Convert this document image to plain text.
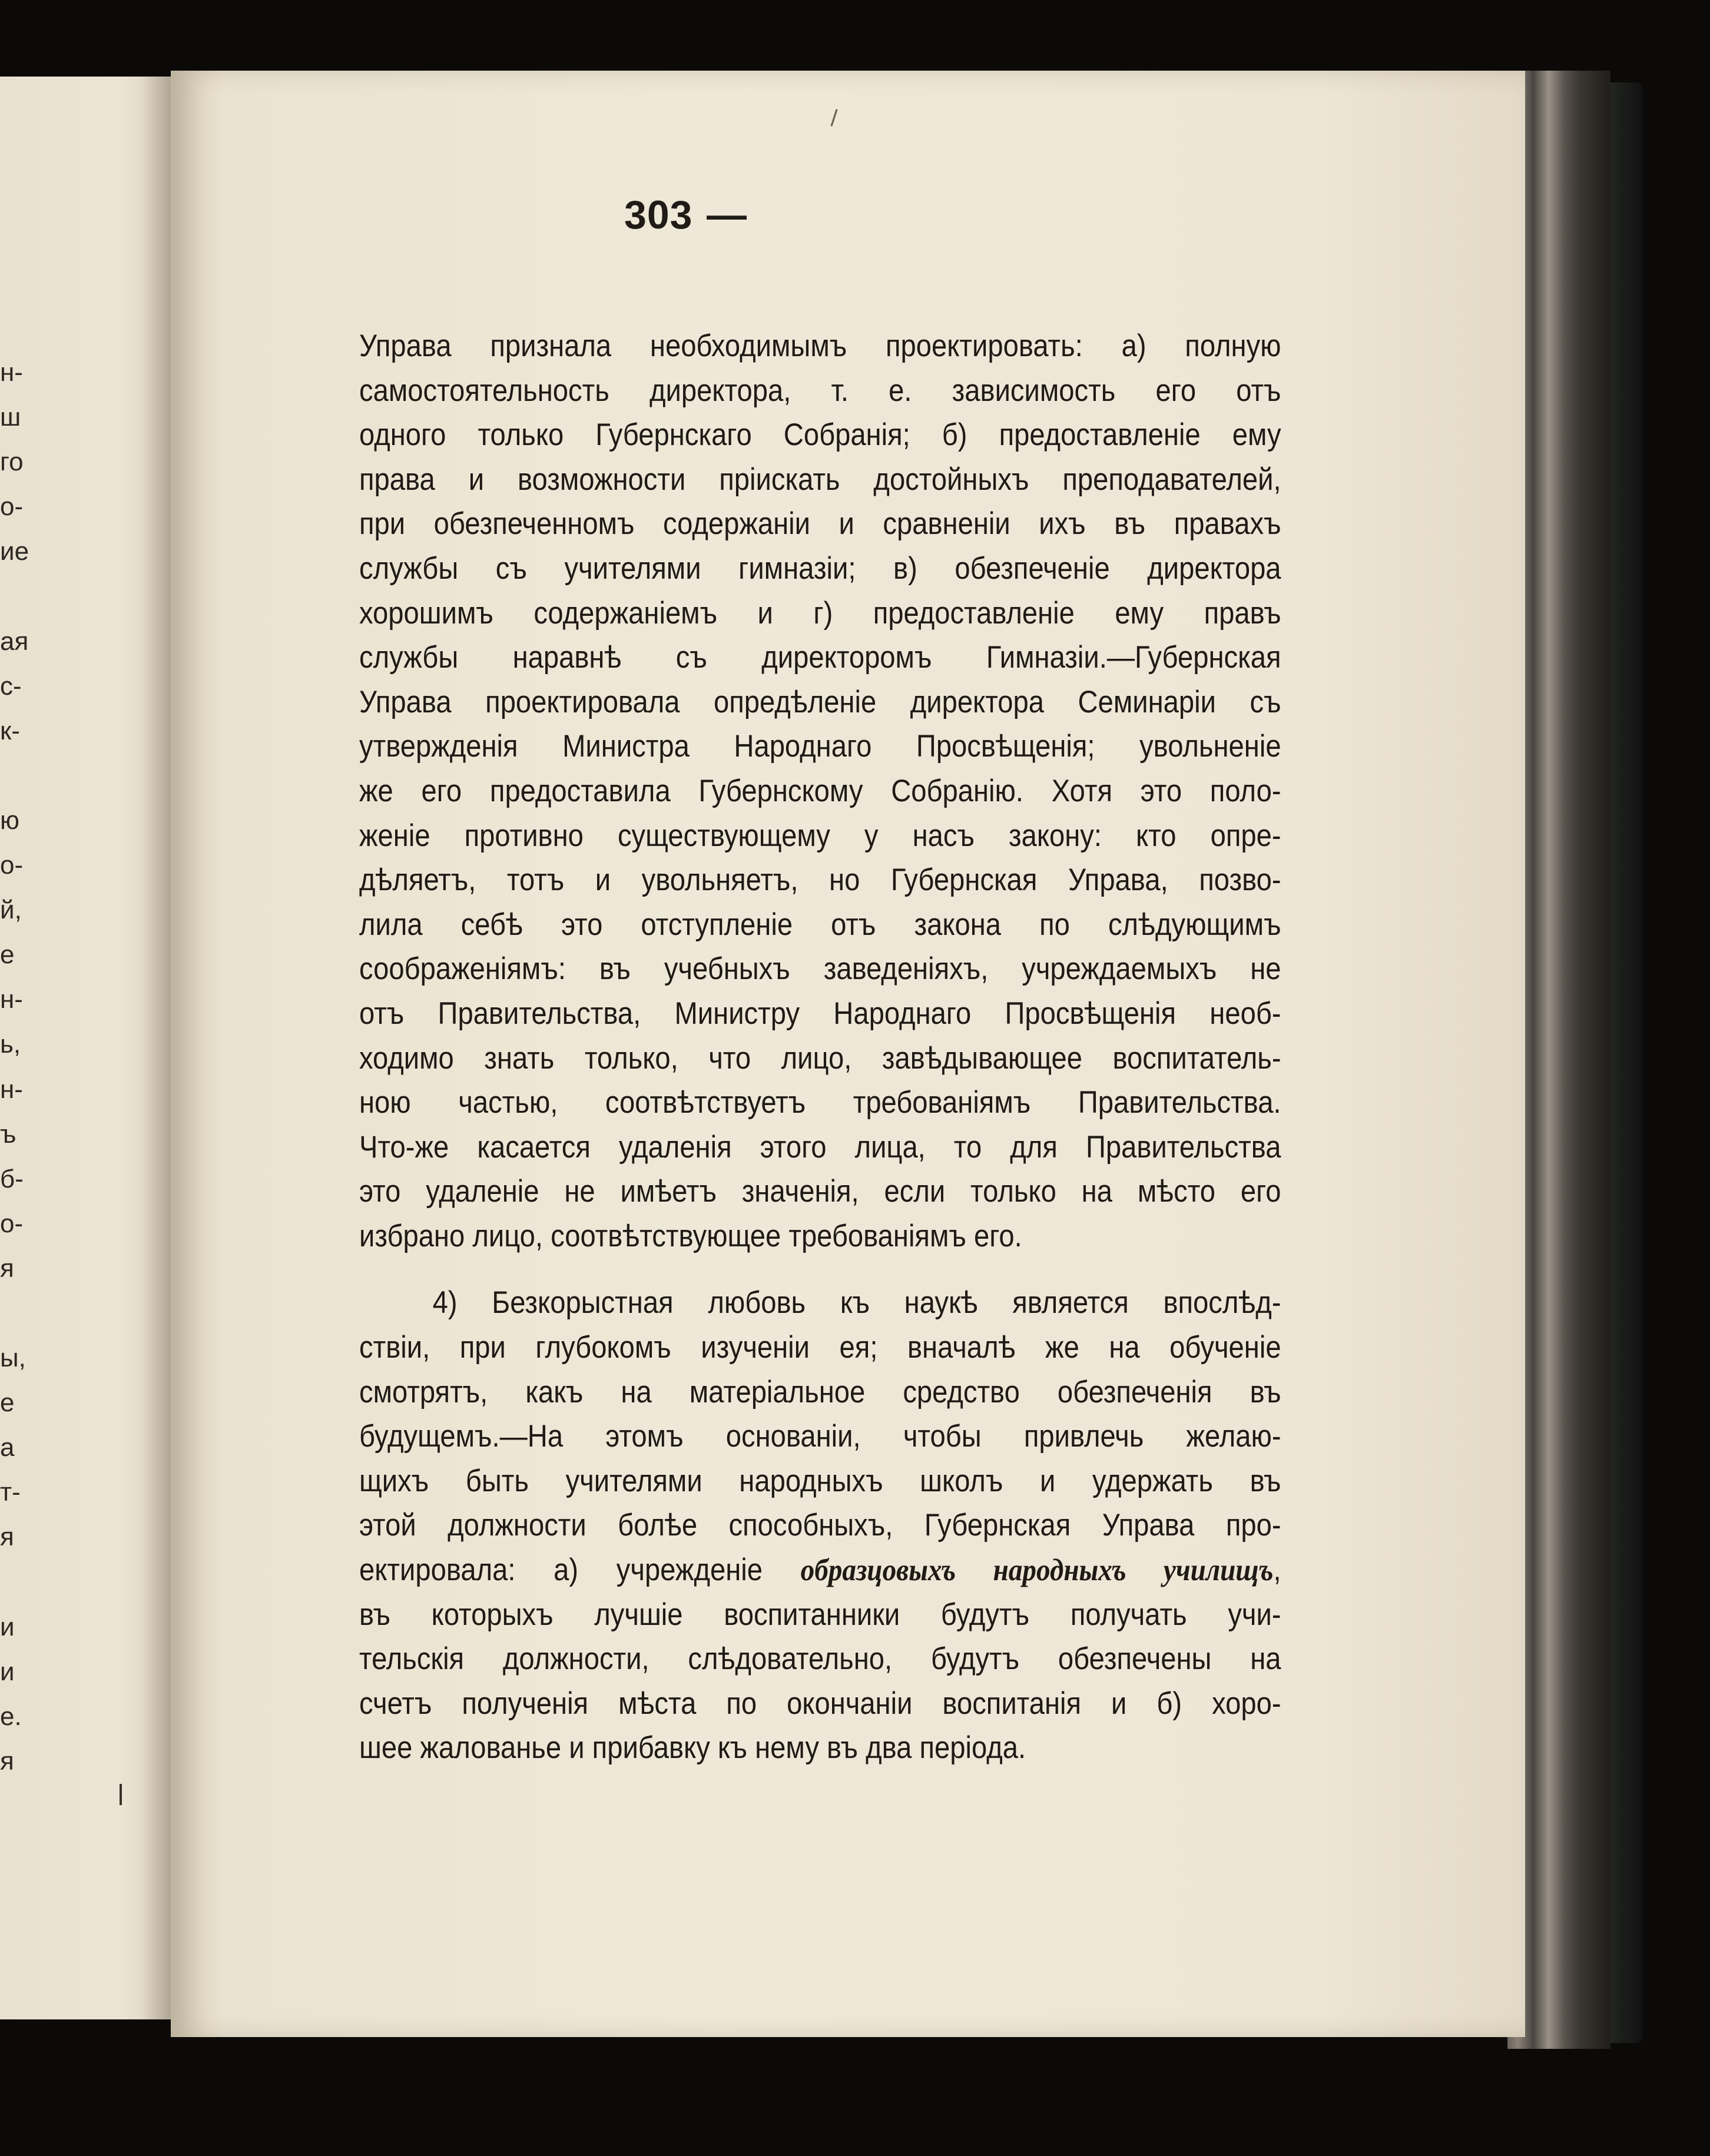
н-
ш
го
о-
ие
ая
с-
к-
ю
о-
й,
е
н-
ь,
н-
ъ
б-
о-
я
ы,
е
а
т-
я
и
и
е.
я
303 —
Управа признала необходимымъ проектировать: а) полную
самостоятельность директора, т. е. зависимость его отъ
одного только Губернскаго Собранія; б) предоставленіе ему
права и возможности пріискать достойныхъ преподавателей,
при обезпеченномъ содержаніи и сравненіи ихъ въ правахъ
службы съ учителями гимназіи; в) обезпеченіе директора
хорошимъ содержаніемъ и г) предоставленіе ему правъ
службы наравнѣ съ директоромъ Гимназіи.—Губернская
Управа проектировала опредѣленіе директора Семинаріи съ
утвержденія Министра Народнаго Просвѣщенія; увольненіе
же его предоставила Губернскому Собранію. Хотя это поло-
женіе противно существующему у насъ закону: кто опре-
дѣляетъ, тотъ и увольняетъ, но Губернская Управа, позво-
лила себѣ это отступленіе отъ закона по слѣдующимъ
соображеніямъ: въ учебныхъ заведеніяхъ, учреждаемыхъ не
отъ Правительства, Министру Народнаго Просвѣщенія необ-
ходимо знать только, что лицо, завѣдывающее воспитатель-
ною частью, соотвѣтствуетъ требованіямъ Правительства.
Что-же касается удаленія этого лица, то для Правительства
это удаленіе не имѣетъ значенія, если только на мѣсто его
избрано лицо, соотвѣтствующее требованіямъ его.
4) Безкорыстная любовь къ наукѣ является впослѣд-
ствіи, при глубокомъ изученіи ея; вначалѣ же на обученіе
смотрятъ, какъ на матеріальное средство обезпеченія въ
будущемъ.—На этомъ основаніи, чтобы привлечь желаю-
щихъ быть учителями народныхъ школъ и удержать въ
этой должности болѣе способныхъ, Губернская Управа про-
ектировала: а) учрежденіе образцовыхъ народныхъ училищъ,
въ которыхъ лучшіе воспитанники будутъ получать учи-
тельскія должности, слѣдовательно, будутъ обезпечены на
счетъ полученія мѣста по окончаніи воспитанія и б) хоро-
шее жалованье и прибавку къ нему въ два періода.
